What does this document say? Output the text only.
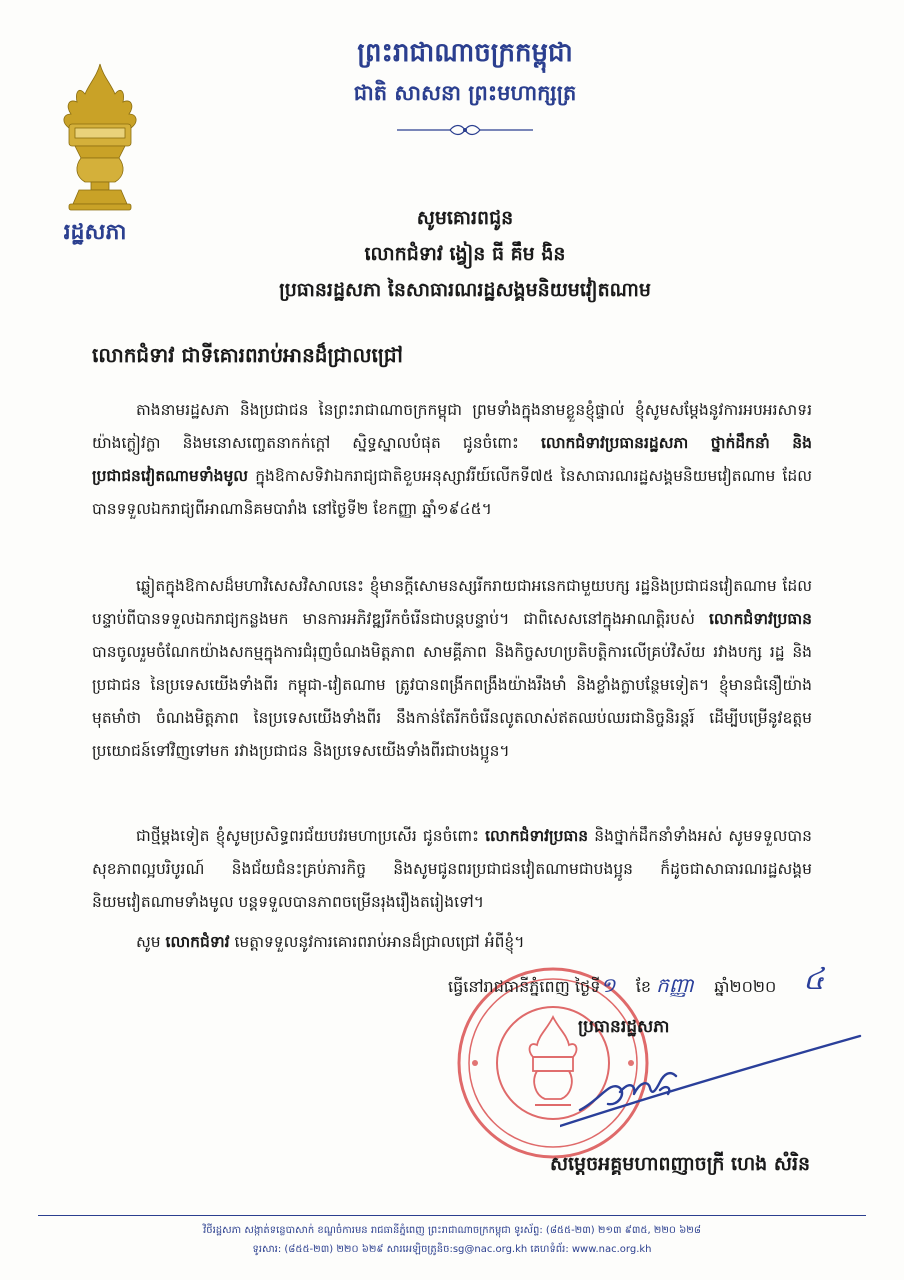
រដ្ឋសភា
ព្រះរាជាណាចក្រកម្ពុជា
ជាតិ សាសនា ព្រះមហាក្សត្រ
សូមគោរពជូន
លោកជំទាវ ង្វៀន ធី គឹម ងិន
ប្រធានរដ្ឋសភា នៃសាធារណរដ្ឋសង្គមនិយមវៀតណាម
លោកជំទាវ ជាទីគោរពរាប់អានដ៏ជ្រាលជ្រៅ
តាងនាមរដ្ឋសភា និងប្រជាជន នៃព្រះរាជាណាចក្រកម្ពុជា ព្រមទាំងក្នុងនាមខ្លួនខ្ញុំផ្ទាល់ ខ្ញុំសូមសម្តែងនូវការអបអរសាទរយ៉ាងក្លៀវក្លា និងមនោសញ្ចេតនាកក់ក្តៅ ស្និទ្ធស្នាលបំផុត ជូនចំពោះ លោកជំទាវប្រធានរដ្ឋសភា ថ្នាក់ដឹកនាំ និងប្រជាជនវៀតណាមទាំងមូល ក្នុងឱកាសទិវាឯករាជ្យជាតិខួបអនុស្សាវរីយ៍លើកទី៧៥ នៃសាធារណរដ្ឋសង្គមនិយមវៀតណាម ដែលបានទទួលឯករាជ្យពីអាណានិគមបារាំង នៅថ្ងៃទី២ ខែកញ្ញា ឆ្នាំ១៩៤៥។
ឆ្លៀតក្នុងឱកាសដ៏មហាវិសេសវិសាលនេះ ខ្ញុំមានក្តីសោមនស្សរីករាយជាអនេកជាមួយបក្ស រដ្ឋនិងប្រជាជនវៀតណាម ដែលបន្ទាប់ពីបានទទួលឯករាជ្យកន្លងមក មានការអភិវឌ្ឍរីកចំរើនជាបន្តបន្ទាប់។ ជាពិសេសនៅក្នុងអាណត្តិរបស់ លោកជំទាវប្រធាន បានចូលរួមចំណែកយ៉ាងសកម្មក្នុងការជំរុញចំណងមិត្តភាព សាមគ្គីភាព និងកិច្ចសហប្រតិបត្តិការលើគ្រប់វិស័យ រវាងបក្ស រដ្ឋ និងប្រជាជន នៃប្រទេសយើងទាំងពីរ កម្ពុជា-វៀតណាម ត្រូវបានពង្រីកពង្រឹងយ៉ាងរឹងមាំ និងខ្លាំងក្លាបន្ថែមទៀត។ ខ្ញុំមានជំនឿយ៉ាងមុតមាំថា ចំណងមិត្តភាព នៃប្រទេសយើងទាំងពីរ នឹងកាន់តែរីកចំរើនលូតលាស់ឥតឈប់ឈរជានិច្ចនិរន្តរ៍ ដើម្បីបម្រើនូវឧត្តមប្រយោជន៍ទៅវិញទៅមក រវាងប្រជាជន និងប្រទេសយើងទាំងពីរជាបងប្អូន។
ជាថ្មីម្តងទៀត ខ្ញុំសូមប្រសិទ្ធពរជ័យបវរមហាប្រសើរ ជូនចំពោះ លោកជំទាវប្រធាន និងថ្នាក់ដឹកនាំទាំងអស់ សូមទទួលបានសុខភាពល្អបរិបូរណ៍ និងជ័យជំនះគ្រប់ភារកិច្ច និងសូមជូនពរប្រជាជនវៀតណាមជាបងប្អូន ក៏ដូចជាសាធារណរដ្ឋសង្គមនិយមវៀតណាមទាំងមូល បន្តទទួលបានភាពចម្រើនរុងរឿងតរៀងទៅ។
សូម លោកជំទាវ មេត្តាទទួលនូវការគោរពរាប់អានដ៏ជ្រាលជ្រៅ អំពីខ្ញុំ។
ធ្វើនៅរាជធានីភ្នំពេញ ថ្ងៃទី១ ខែ កញ្ញា ឆ្នាំ២០២០ ៤
ប្រធានរដ្ឋសភា
សម្តេចអគ្គមហាពញាចក្រី ហេង សំរិន
វិថីរដ្ឋសភា សង្កាត់ទន្លេបាសាក់ ខណ្ឌចំការមន រាជធានីភ្នំពេញ ព្រះរាជាណាចក្រកម្ពុជា ទូរស័ព្ទ: (៨៥៥-២៣) ២១៣ ៩៣៥, ២២០ ៦២៨
ទូរសារ: (៨៥៥-២៣) ២២០ ៦២៩ សារអេឡិចត្រូនិច:sg@nac.org.kh គេហទំព័រ: www.nac.org.kh
